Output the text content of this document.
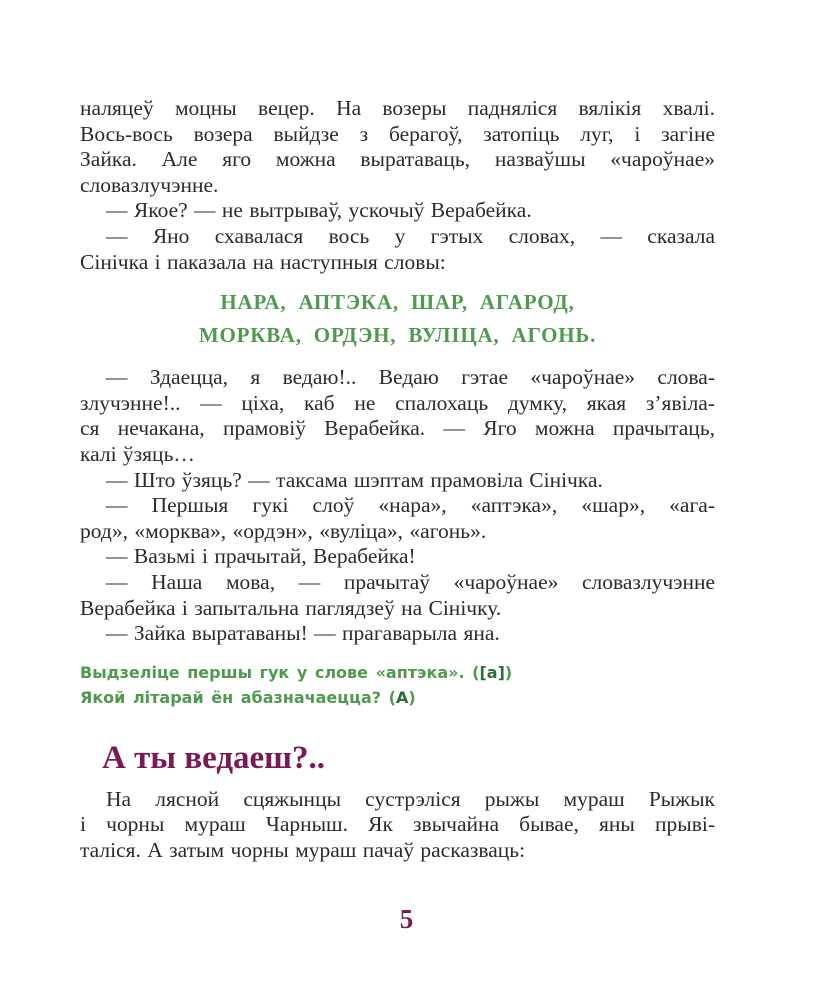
наляцеў моцны вецер. На возеры падняліся вялікія хвалі.
Вось-вось возера выйдзе з берагоў, затопіць луг, і загіне
Зайка. Але яго можна выратаваць, назваўшы «чароўнае»
словазлучэнне.
— Якое? — не вытрываў, ускочыў Верабейка.
— Яно схавалася вось у гэтых словах, — сказала
Сінічка і паказала на наступныя словы:
НАРА, АПТЭКА, ШАР, АГАРОД,
МОРКВА, ОРДЭН, ВУЛІЦА, АГОНЬ.
— Здаецца, я ведаю!.. Ведаю гэтае «чароўнае» слова-
злучэнне!.. — ціха, каб не спалохаць думку, якая з’явіла-
ся нечакана, прамовіў Верабейка. — Яго можна прачытаць,
калі ўзяць…
— Што ўзяць? — таксама шэптам прамовіла Сінічка.
— Першыя гукі слоў «нара», «аптэка», «шар», «ага-
род», «морква», «ордэн», «вуліца», «агонь».
— Вазьмі і прачытай, Верабейка!
— Наша мова, — прачытаў «чароўнае» словазлучэнне
Верабейка і запытальна паглядзеў на Сінічку.
— Зайка выратаваны! — прагаварыла яна.
Выдзеліце першы гук у слове «аптэка». ([а])
Якой літарай ён абазначаецца? (А)
А ты ведаеш?..
На лясной сцяжынцы сустрэліся рыжы мураш Рыжык
і чорны мураш Чарныш. Як звычайна бывае, яны прыві-
таліся. А затым чорны мураш пачаў расказваць:
5
